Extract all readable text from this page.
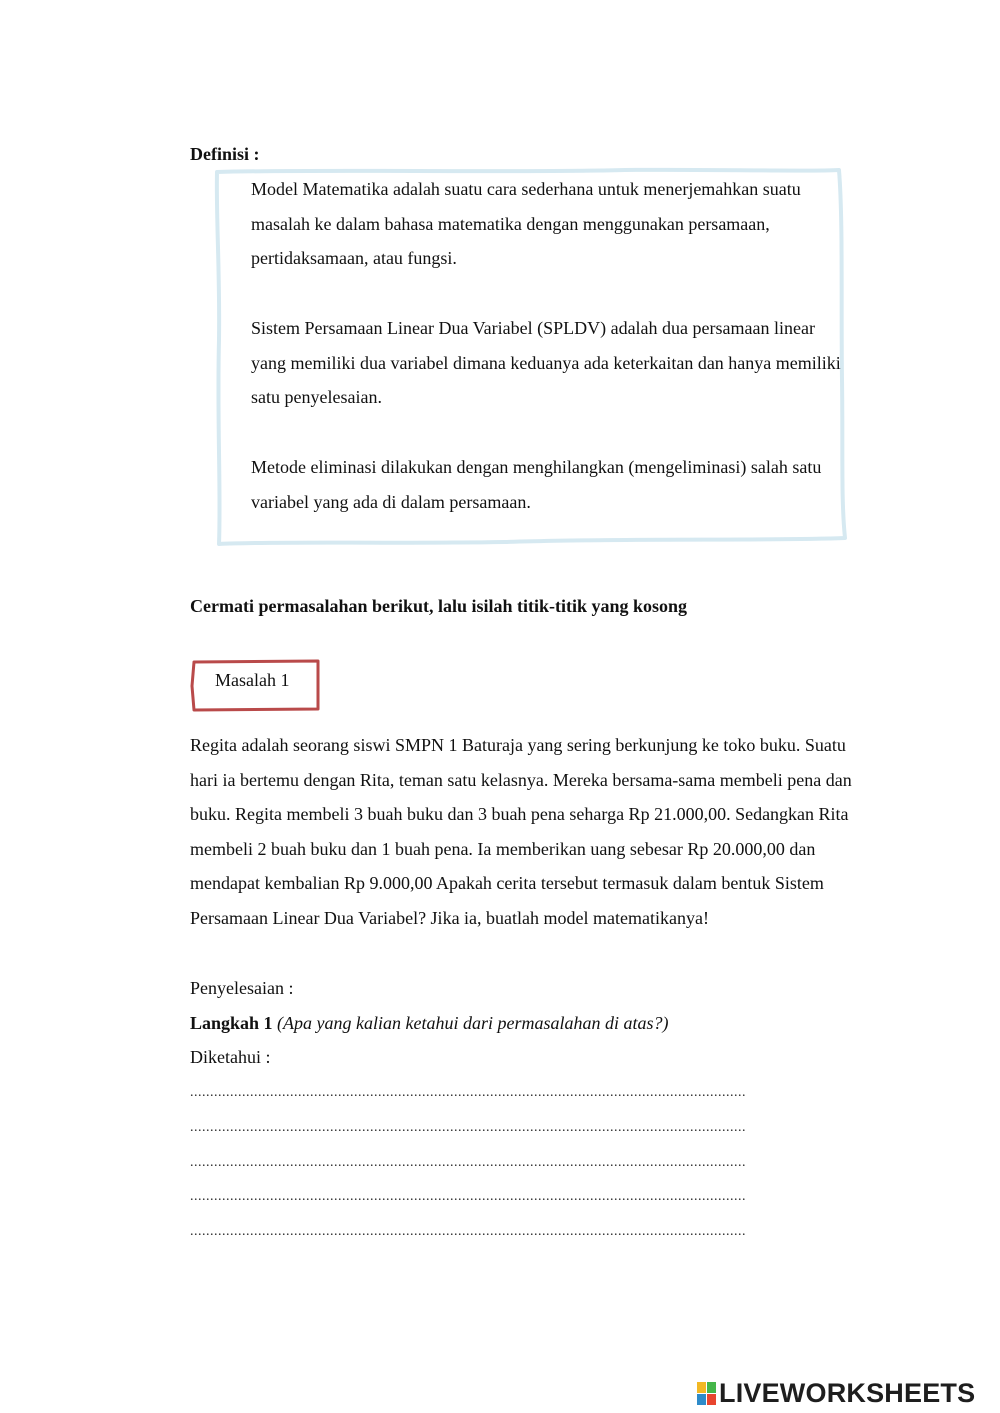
Definisi :
Model Matematika adalah suatu cara sederhana untuk menerjemahkan suatu masalah ke dalam bahasa matematika dengan menggunakan persamaan, pertidaksamaan, atau fungsi.
Sistem Persamaan Linear Dua Variabel (SPLDV) adalah dua persamaan linear yang memiliki dua variabel dimana keduanya ada keterkaitan dan hanya memiliki satu penyelesaian.
Metode eliminasi dilakukan dengan menghilangkan (mengeliminasi) salah satu variabel yang ada di dalam persamaan.
Cermati permasalahan berikut, lalu isilah titik-titik yang kosong
Masalah 1
Regita adalah seorang siswi SMPN 1 Baturaja yang sering berkunjung ke toko buku. Suatu hari ia bertemu dengan Rita, teman satu kelasnya. Mereka bersama-sama membeli pena dan buku. Regita membeli 3 buah buku dan 3 buah pena seharga Rp 21.000,00. Sedangkan Rita membeli 2 buah buku dan 1 buah pena. Ia memberikan uang sebesar Rp 20.000,00 dan mendapat kembalian Rp 9.000,00 Apakah cerita tersebut termasuk dalam bentuk Sistem Persamaan Linear Dua Variabel? Jika ia, buatlah model matematikanya!
Penyelesaian :
Langkah 1 (Apa yang kalian ketahui dari permasalahan di atas?)
Diketahui :
...........................................................................................................................................
...........................................................................................................................................
...........................................................................................................................................
...........................................................................................................................................
...........................................................................................................................................
LIVEWORKSHEETS
